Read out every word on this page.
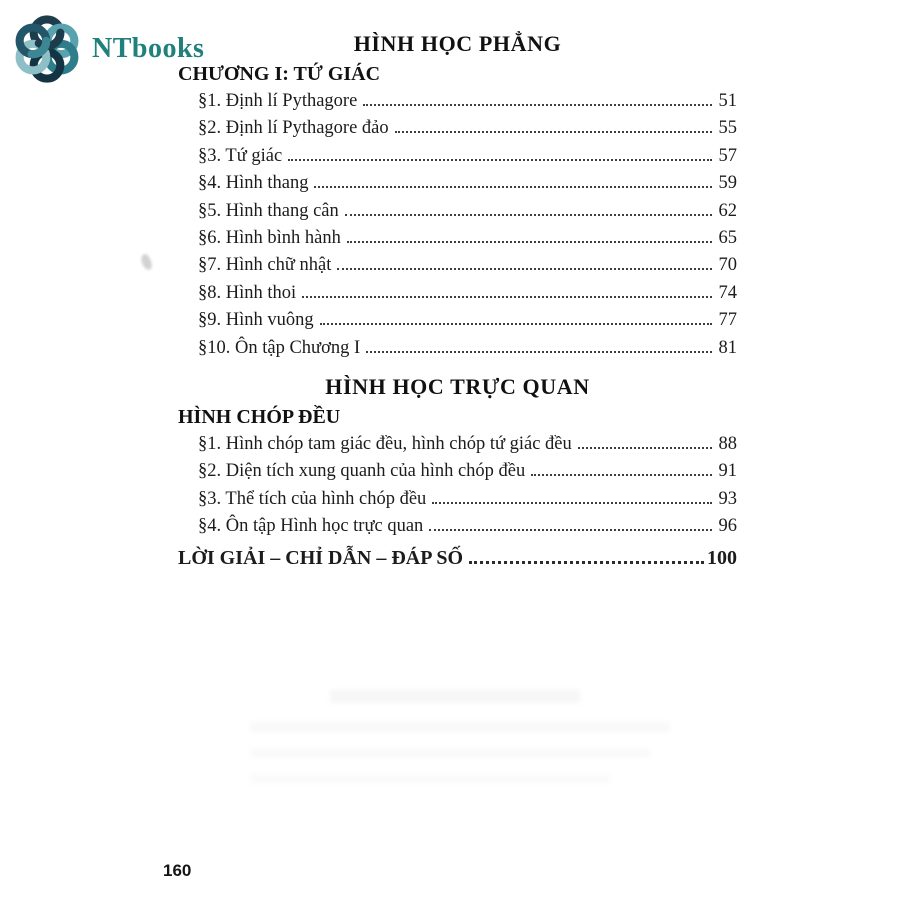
NTbooks	HÌNH HỌC PHẲNG
CHƯƠNG I: TỨ GIÁC
§1. Định lí Pythagore	51
§2. Định lí Pythagore đảo	55
§3. Tứ giác	57
§4. Hình thang	59
§5. Hình thang cân	62
§6. Hình bình hành	65
§7. Hình chữ nhật	70
§8. Hình thoi	74
§9. Hình vuông	77
§10. Ôn tập Chương I	81
HÌNH HỌC TRỰC QUAN
HÌNH CHÓP ĐỀU
§1. Hình chóp tam giác đều, hình chóp tứ giác đều	88
§2. Diện tích xung quanh của hình chóp đều	91
§3. Thể tích của hình chóp đều	93
§4. Ôn tập Hình học trực quan	96
LỜI GIẢI – CHỈ DẪN – ĐÁP SỐ	100
160
